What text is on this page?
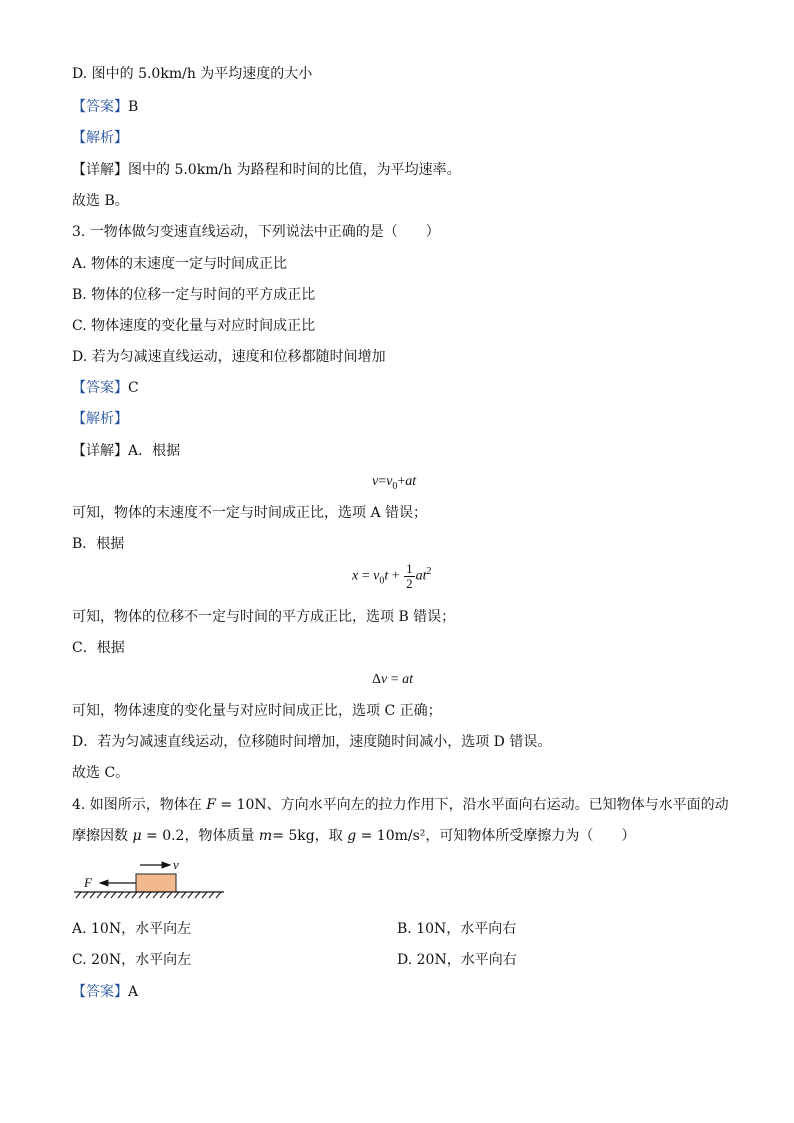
D. 图中的 5.0km/h 为平均速度的大小
【答案】B
【解析】
【详解】图中的 5.0km/h 为路程和时间的比值，为平均速率。
故选 B。
3. 一物体做匀变速直线运动，下列说法中正确的是（　　）
A. 物体的末速度一定与时间成正比
B. 物体的位移一定与时间的平方成正比
C. 物体速度的变化量与对应时间成正比
D. 若为匀减速直线运动，速度和位移都随时间增加
【答案】C
【解析】
【详解】A．根据
$v=v_0+at$
可知，物体的末速度不一定与时间成正比，选项 A 错误；
B．根据
$x = v_0t + \frac{1}{2} at^2$
可知，物体的位移不一定与时间的平方成正比，选项 B 错误；
C．根据
Δv = at
可知，物体速度的变化量与对应时间成正比，选项 C 正确；
D．若为匀减速直线运动，位移随时间增加，速度随时间减小，选项 D 错误。
故选 C。
4. 如图所示，物体在 F = 10N、方向水平向左的拉力作用下，沿水平面向右运动。已知物体与水平面的动
摩擦因数 μ = 0.2，物体质量 m= 5kg，取 g = 10m/s²，可知物体所受摩擦力为（　　）
v
F
A. 10N，水平向左	B. 10N，水平向右
C. 20N，水平向左	D. 20N，水平向右
【答案】A
